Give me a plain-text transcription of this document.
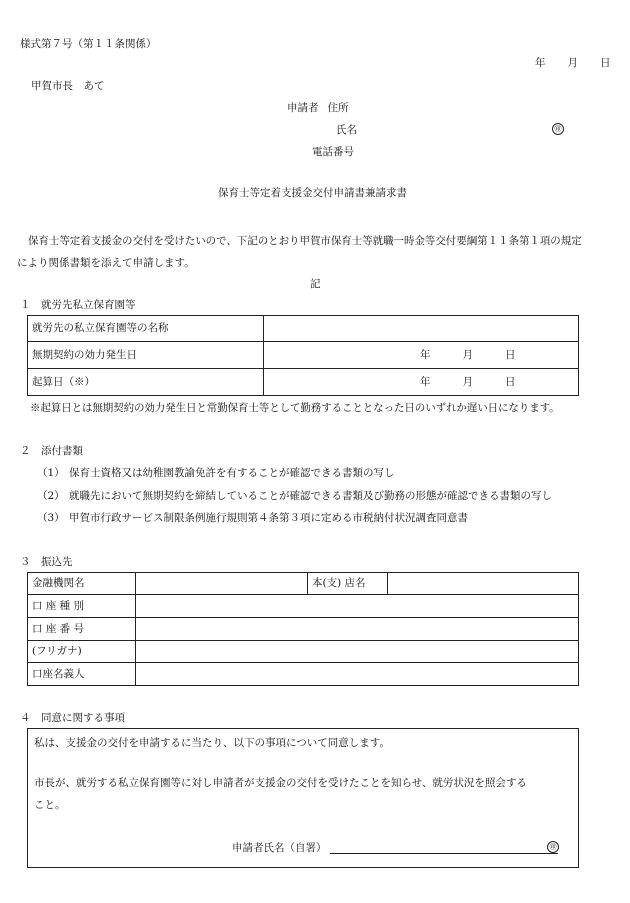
様式第７号（第１１条関係）
年 月 日
甲賀市長　あて
申請者 住所
氏名	㊞
電話番号
保育士等定着支援金交付申請書兼請求書
保育士等定着支援金の交付を受けたいので、下記のとおり甲賀市保育士等就職一時金等交付要綱第１１条第１項の規定
により関係書類を添えて申請します。
記
１　就労先私立保育園等
就労先の私立保育園等の名称	
無期契約の効力発生日	年 月 日
起算日（※）	年 月 日
※起算日とは無期契約の効力発生日と常勤保育士等として勤務することとなった日のいずれか遅い日になります。
２　添付書類
（1） 保育士資格又は幼稚園教諭免許を有することが確認できる書類の写し
（2） 就職先において無期契約を締結していることが確認できる書類及び勤務の形態が確認できる書類の写し
（3） 甲賀市行政サービス制限条例施行規則第４条第３項に定める市税納付状況調査同意書
３　振込先
金融機関名		本(支) 店名	
口 座 種 別			
口 座 番 号			
(フリガナ)			
口座名義人			
４　同意に関する事項
私は、支援金の交付を申請するに当たり、以下の事項について同意します。
市長が、就労する私立保育園等に対し申請者が支援金の交付を受けたことを知らせ、就労状況を照会する
こと。
申請者氏名（自署）	㊞
